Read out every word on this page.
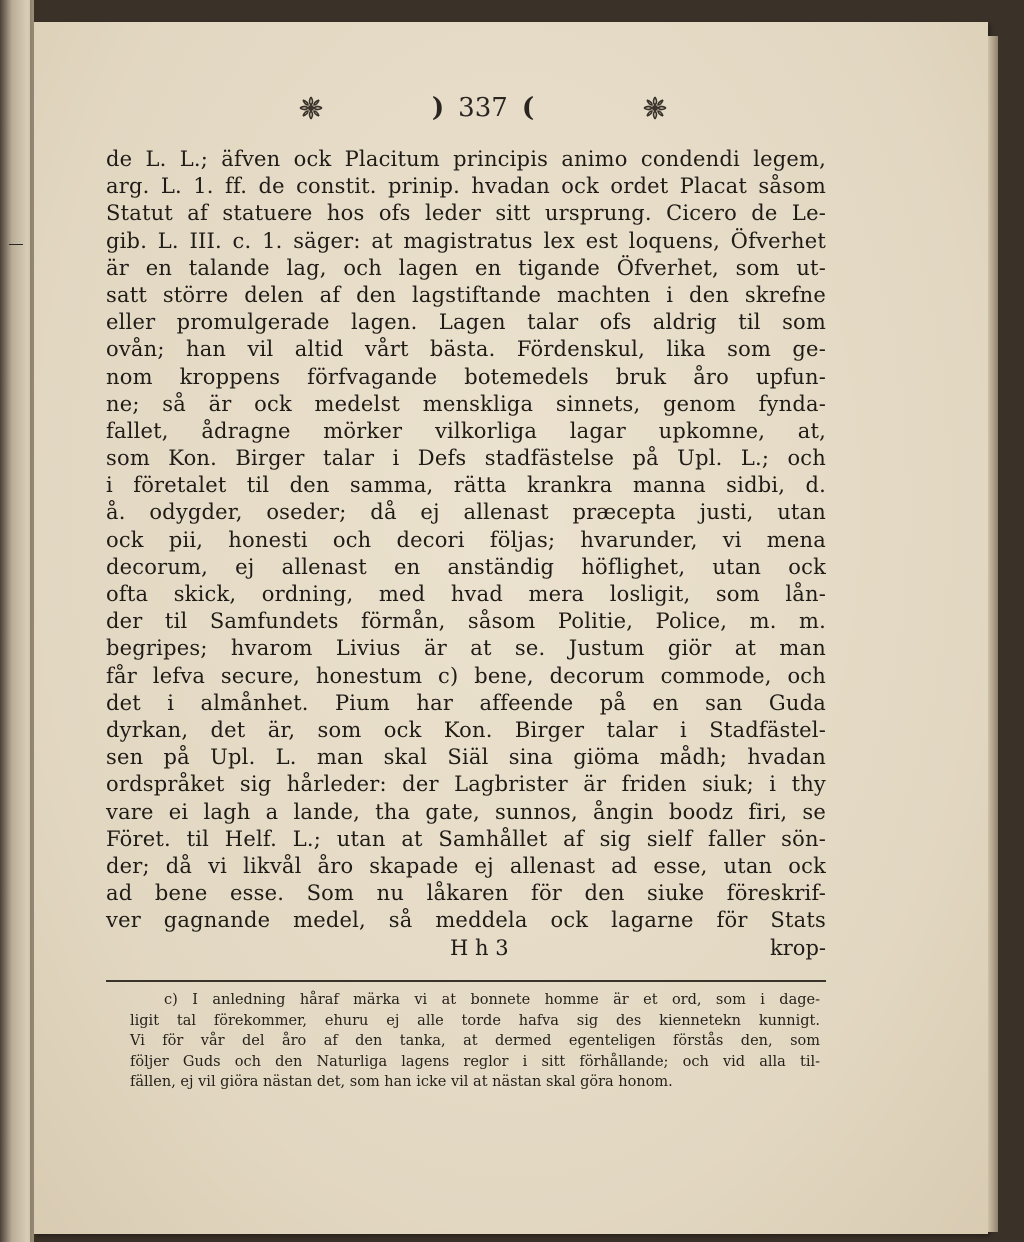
) 337 (
de L. L.; äfven ock Placitum principis animo condendi legem,
arg. L. 1. ff. de constit. prinip. hvadan ock ordet Placat såsom
Statut af statuere hos ofs leder sitt ursprung. Cicero de Le-
gib. L. III. c. 1. säger: at magistratus lex est loquens, Öfverhet
är en talande lag, och lagen en tigande Öfverhet, som ut-
satt större delen af den lagstiftande machten i den skrefne
eller promulgerade lagen. Lagen talar ofs aldrig til som
ovån; han vil altid vårt bästa. Fördenskul, lika som ge-
nom kroppens förfvagande botemedels bruk åro upfun-
ne; så är ock medelst menskliga sinnets, genom fynda-
fallet, ådragne mörker vilkorliga lagar upkomne, at,
som Kon. Birger talar i Defs stadfästelse på Upl. L.; och
i företalet til den samma, rätta krankra manna sidbi, d.
å. odygder, oseder; då ej allenast præcepta justi, utan
ock pii, honesti och decori följas; hvarunder, vi mena
decorum, ej allenast en anständig höflighet, utan ock
ofta skick, ordning, med hvad mera losligit, som lån-
der til Samfundets förmån, såsom Politie, Police, m. m.
begripes; hvarom Livius är at se. Justum giör at man
får lefva secure, honestum c) bene, decorum commode, och
det i almånhet. Pium har affeende på en san Guda
dyrkan, det är, som ock Kon. Birger talar i Stadfästel-
sen på Upl. L. man skal Siäl sina giöma mådh; hvadan
ordspråket sig hårleder: der Lagbrister är friden siuk; i thy
vare ei lagh a lande, tha gate, sunnos, ångin boodz firi, se
Föret. til Helf. L.; utan at Samhållet af sig sielf faller sön-
der; då vi likvål åro skapade ej allenast ad esse, utan ock
ad bene esse. Som nu låkaren för den siuke föreskrif-
ver gagnande medel, så meddela ock lagarne för Stats
H h 3	krop-
c) I anledning håraf märka vi at bonnete homme är et ord, som i dage-
ligit tal förekommer, ehuru ej alle torde hafva sig des kiennetekn kunnigt.
Vi för vår del åro af den tanka, at dermed egenteligen förstås den, som
följer Guds och den Naturliga lagens reglor i sitt förhållande; och vid alla til-
fällen, ej vil giöra nästan det, som han icke vil at nästan skal göra honom.
